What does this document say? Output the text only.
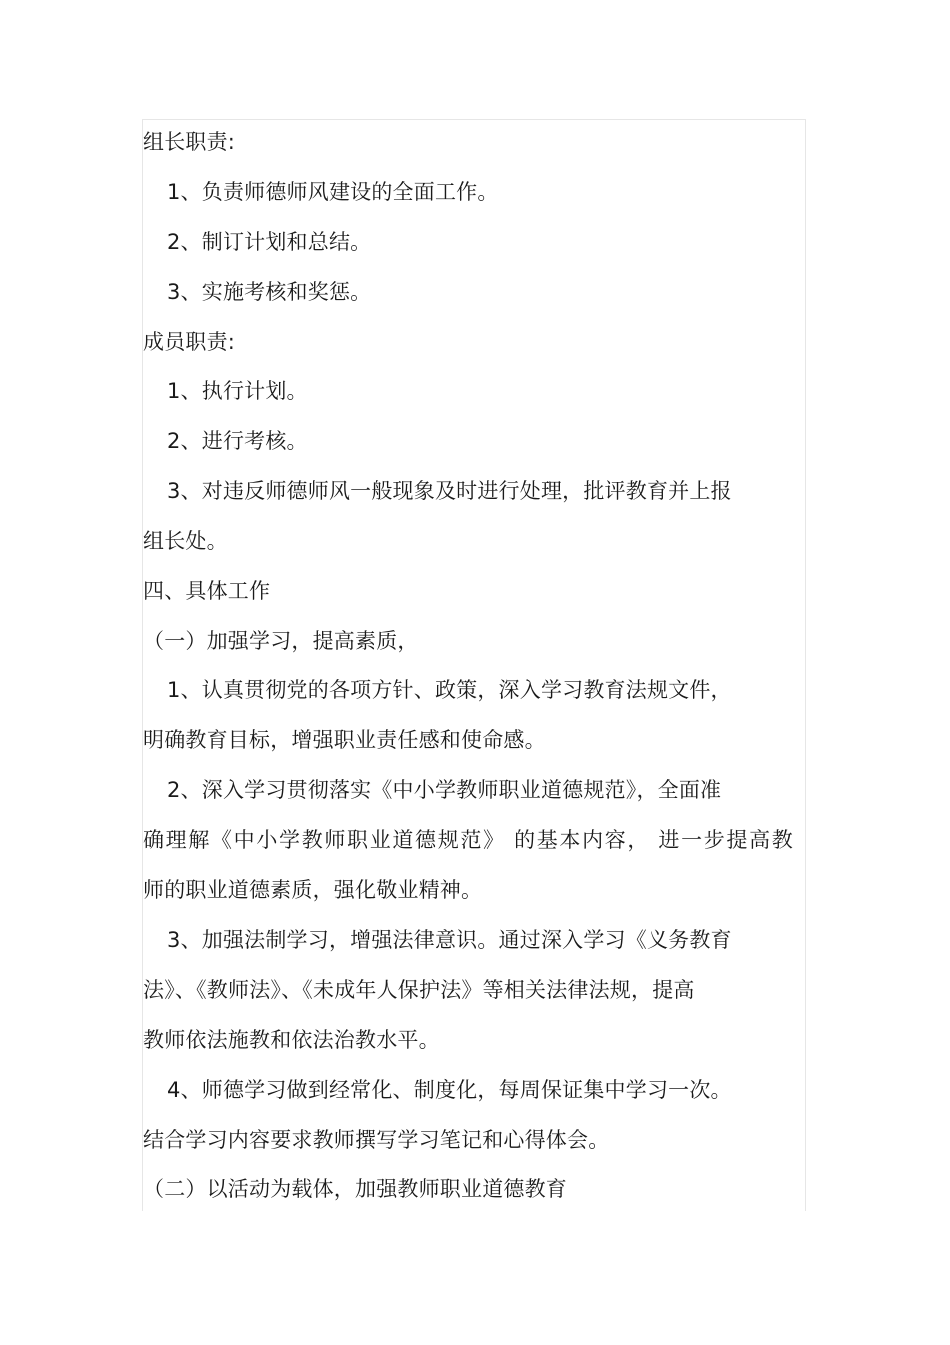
组长职责:
1、负责师德师风建设的全面工作。
2、制订计划和总结。
3、实施考核和奖惩。
成员职责:
1、执行计划。
2、进行考核。
3、对违反师德师风一般现象及时进行处理，批评教育并上报
组长处。
四、具体工作
（一）加强学习，提高素质，
1、认真贯彻党的各项方针、政策，深入学习教育法规文件，
明确教育目标，增强职业责任感和使命感。
2、深入学习贯彻落实《中小学教师职业道德规范》，全面准
确理解《中小学教师职业道德规范》 的基本内容， 进一步提高教
师的职业道德素质，强化敬业精神。
3、加强法制学习，增强法律意识。通过深入学习《义务教育
法》、《教师法》、《未成年人保护法》等相关法律法规，提高
教师依法施教和依法治教水平。
4、师德学习做到经常化、制度化，每周保证集中学习一次。
结合学习内容要求教师撰写学习笔记和心得体会。
（二）以活动为载体，加强教师职业道德教育
